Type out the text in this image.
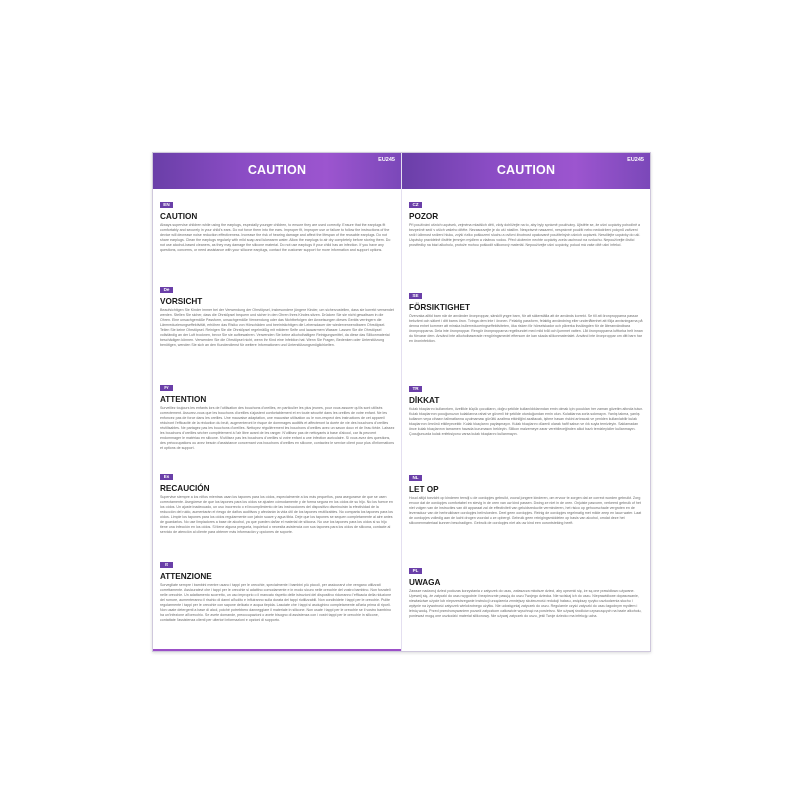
CAUTION
EU245
EN
CAUTION
Always supervise children while using the earplugs, especially younger children, to ensure they are used correctly. Ensure that the earplugs fit comfortably and securely in your child's ears. Do not force them into the ears. Improper fit, improper use or failure to follow the instructions of the device will decrease noise reduction effectiveness. Increase the risk of hearing damage and affect the lifespan of the reusable earplugs. Do not share earplugs. Clean the earplugs regularly with mild soap and lukewarm water. Allow the earplugs to air dry completely before storing them. Do not use alcohol-based cleaners, as they may damage the silicone material. Do not use earplugs if your child has an infection. If you have any questions, concerns, or need assistance with your silicone earplugs, contact the customer support for more information and support options.
De
VORSICHT
Beaufsichtigen Sie Kinder immer bei der Verwendung der Ohrstöpsel, insbesondere jüngere Kinder, um sicherzustellen, dass sie korrekt verwendet werden. Stellen Sie sicher, dass die Ohrstöpsel bequem und sicher in den Ohren Ihres Kindes sitzen. Drücken Sie sie nicht gewaltsam in die Ohren. Eine unsachgemäße Passform, unsachgemäße Verwendung oder das Nichtbefolgen der Anweisungen dieses Geräts verringern die Lärmreduzierungseffektivität, erhöhen das Risiko von Hörschäden und beeinträchtigen die Lebensdauer der wiederverwendbaren Ohrstöpsel. Teilen Sie keine Ohrstöpsel. Reinigen Sie die Ohrstöpsel regelmäßig mit milderer Seife und lauwarmem Wasser. Lassen Sie die Ohrstöpsel vollständig an der Luft trocknen, bevor Sie sie aufbewahren. Verwenden Sie keine alkoholhaltigen Reinigungsmittel, da diese das Silikonmaterial beschädigen können. Verwenden Sie die Ohrstöpsel nicht, wenn Ihr Kind eine Infektion hat. Wenn Sie Fragen, Bedenken oder Unterstützung benötigen, wenden Sie sich an den Kundendienst für weitere Informationen und Unterstützungsmöglichkeiten.
Fr
ATTENTION
Surveillez toujours les enfants lors de l'utilisation des bouchons d'oreilles, en particulier les plus jeunes, pour vous assurer qu'ils sont utilisés correctement. Assurez-vous que les bouchons d'oreilles s'ajustent confortablement et en toute sécurité dans les oreilles de votre enfant. Ne les enfoncez pas de force dans les oreilles. Une mauvaise adaptation, une mauvaise utilisation ou le non-respect des instructions de cet appareil réduiront l'efficacité de la réduction du bruit, augmenteront le risque de dommages auditifs et affecteront la durée de vie des bouchons d'oreilles réutilisables. Ne partagez pas les bouchons d'oreilles. Nettoyez régulièrement les bouchons d'oreilles avec un savon doux et de l'eau tiède. Laissez les bouchons d'oreilles sécher complètement à l'air libre avant de les ranger. N'utilisez pas de nettoyants à base d'alcool, car ils peuvent endommager le matériau en silicone. N'utilisez pas les bouchons d'oreilles si votre enfant a une infection auriculaire. Si vous avez des questions, des préoccupations ou avez besoin d'assistance concernant vos bouchons d'oreilles en silicone, contactez le service client pour plus d'informations et options de support.
Es
RECAUCIÓN
Supervise siempre a los niños mientras usan los tapones para los oídos, especialmente a los más pequeños, para asegurarse de que se usen correctamente. Asegúrese de que los tapones para los oídos se ajusten cómodamente y de forma segura en los oídos de su hijo. No los fuerce en los oídos. Un ajuste inadecuado, un uso incorrecto o el incumplimiento de las instrucciones del dispositivo disminuirán la efectividad de la reducción del ruido, aumentarán el riesgo de daños auditivos y afectarán la vida útil de los tapones reutilizables. No comparta los tapones para los oídos. Limpie los tapones para los oídos regularmente con jabón suave y agua tibia. Deje que los tapones se sequen completamente al aire antes de guardarlos. No use limpiadores a base de alcohol, ya que pueden dañar el material de silicona. No use los tapones para los oídos si su hijo tiene una infección en los oídos. Si tiene alguna pregunta, inquietud o necesita asistencia con sus tapones para los oídos de silicona, contacte al servicio de atención al cliente para obtener más información y opciones de soporte.
It
ATTENZIONE
Sorvegliate sempre i bambini mentre usano i tappi per le orecchie, specialmente i bambini più piccoli, per assicurarvi che vengano utilizzati correttamente. Assicuratevi che i tappi per le orecchie si adattino comodamente e in modo sicuro nelle orecchie del vostro bambino. Non forzateli nelle orecchie. Un adattamento scorretto, un uso improprio o il mancato rispetto delle istruzioni del dispositivo ridurranno l'efficacia della riduzione del rumore, aumenteranno il rischio di danni all'udito e influiranno sulla durata dei tappi riutilizzabili. Non condividete i tappi per le orecchie. Pulite regolarmente i tappi per le orecchie con sapone delicato e acqua tiepida. Lasciate che i tappi si asciughino completamente all'aria prima di riporli. Non usate detergenti a base di alcol, poiché potrebbero danneggiare il materiale in silicone. Non usate i tappi per le orecchie se il vostro bambino ha un'infezione all'orecchio. Se avete domande, preoccupazioni o avete bisogno di assistenza con i vostri tappi per le orecchie in silicone, contattate l'assistenza clienti per ulteriori informazioni e opzioni di supporto.
CAUTION
EU245
CZ
POZOR
Při používání ušních ucpávek, zejména mladších dětí, vždy dohlížejte na to, aby byly správně používány. Ujistěte se, že ušní ucpávky pohodlně a bezpečně sedí v uších vašeho dítěte. Nezasouvejte je do uší násilím. Nesprávné nasazení, nesprávné použití nebo nedodržení pokynů zařízení sníží účinnost snížení hluku, zvýší riziko poškození sluchu a ovlivní životnost opakovaně použitelných ušních ucpávek. Nesdílejte ucpávky do uší. Ucpávky pravidelně čistěte jemným mýdlem a vlažnou vodou. Před uložením nechte ucpávky zcela uschnout na vzduchu. Nepoužívejte čisticí prostředky na bázi alkoholu, protože mohou poškodit silikonový materiál. Nepoužívejte ušní ucpávky, pokud má vaše dítě ušní infekci.
SE
FÖRSIKTIGHET
Övervaka alltid barn när de använder öronproppar, särskilt yngre barn, för att säkerställa att de används korrekt. Se till att öronpropparna passar bekvämt och säkert i ditt barns öron. Tvinga dem inte i öronen. Felaktig passform, felaktig användning eller underlåtenhet att följa anvisningarna på denna enhet kommer att minska bullerreduceringseffektiviteten, öka risken för hörselskador och påverka livslängden för de återanvändbara öronpropparna. Dela inte öronproppar. Rengör öronpropparna regelbundet med mild tvål och ljummet vatten. Låt öronpropparna lufttorka helt innan du förvarar dem. Använd inte alkoholbaserade rengöringsmedel eftersom de kan skada silikonmaterialet. Använd inte öronproppar om ditt barn har en öroninfektion.
TR
DİKKAT
Kulak tıkaçlarını kullanırken, özellikle küçük çocukların, doğru şekilde kullanıldıklarından emin olmak için çocukları her zaman gözetim altında tutun. Kulak tıkaçlarının çocuğunuzun kulaklarına rahat ve güvenli bir şekilde oturduğundan emin olun. Kulaklarına zorla sokmayın. Yanlış takma, yanlış kullanım veya cihazın talimatlarına uyulmaması gürültü azaltma etkinliğini azaltacak, işitme hasarı riskini artıracak ve yeniden kullanılabilir kulak tıkaçlarının ömrünü etkileyecektir. Kulak tıkaçlarını paylaşmayın. Kulak tıkaçlarını düzenli olarak hafif sabun ve ılık suyla temizleyin. Saklamadan önce kulak tıkaçlarının tamamen havada kurumasını bekleyin. Silikon malzemeye zarar verebileceğinden alkol bazlı temizleyiciler kullanmayın. Çocuğunuzda kulak enfeksiyonu varsa kulak tıkaçlarını kullanmayın.
NL
LET OP
Houd altijd toezicht op kinderen terwijl u de oordopjes gebruikt, vooral jongere kinderen, om ervoor te zorgen dat ze correct worden gebruikt. Zorg ervoor dat de oordopjes comfortabel en stevig in de oren van uw kind passen. Dwing ze niet in de oren. Onjuiste pasvorm, verkeerd gebruik of het niet volgen van de instructies van dit apparaat zal de effectiviteit van geluidsreductie verminderen, het risico op gehoorschade vergroten en de levensduur van de herbruikbare oordopjes beïnvloeden. Deel geen oordopjes. Reinig de oordopjes regelmatig met milde zeep en lauw water. Laat de oordopjes volledig aan de lucht drogen voordat u ze opbergt. Gebruik geen reinigingsmiddelen op basis van alcohol, omdat deze het siliconenmateriaal kunnen beschadigen. Gebruik de oordopjes niet als uw kind een oorontsteking heeft.
PL
UWAGA
Zawsze nadzoruj dzieci podczas korzystania z zatyczek do uszu, zwłaszcza młodsze dzieci, aby upewnić się, że są one prawidłowo używane. Upewnij się, że zatyczki do uszu wygodnie i bezpiecznie pasują do uszu Twojego dziecka. Nie wciskaj ich do uszu. Nieprawidłowe dopasowanie, niewłaściwe użycie lub nieprzestrzeganie instrukcji urządzenia zmniejszy skuteczność redukcji hałasu, zwiększy ryzyko uszkodzenia słuchu i wpłynie na żywotność zatyczek wielokrotnego użytku. Nie udostępniaj zatyczek do uszu. Regularnie czyść zatyczki do uszu łagodnym mydłem i letnią wodą. Przed przechowywaniem pozwól zatyczkom całkowicie wyschnąć na powietrzu. Nie używaj środków czyszczących na bazie alkoholu, ponieważ mogą one uszkodzić materiał silikonowy. Nie używaj zatyczek do uszu, jeśli Twoje dziecko ma infekcję ucha.
